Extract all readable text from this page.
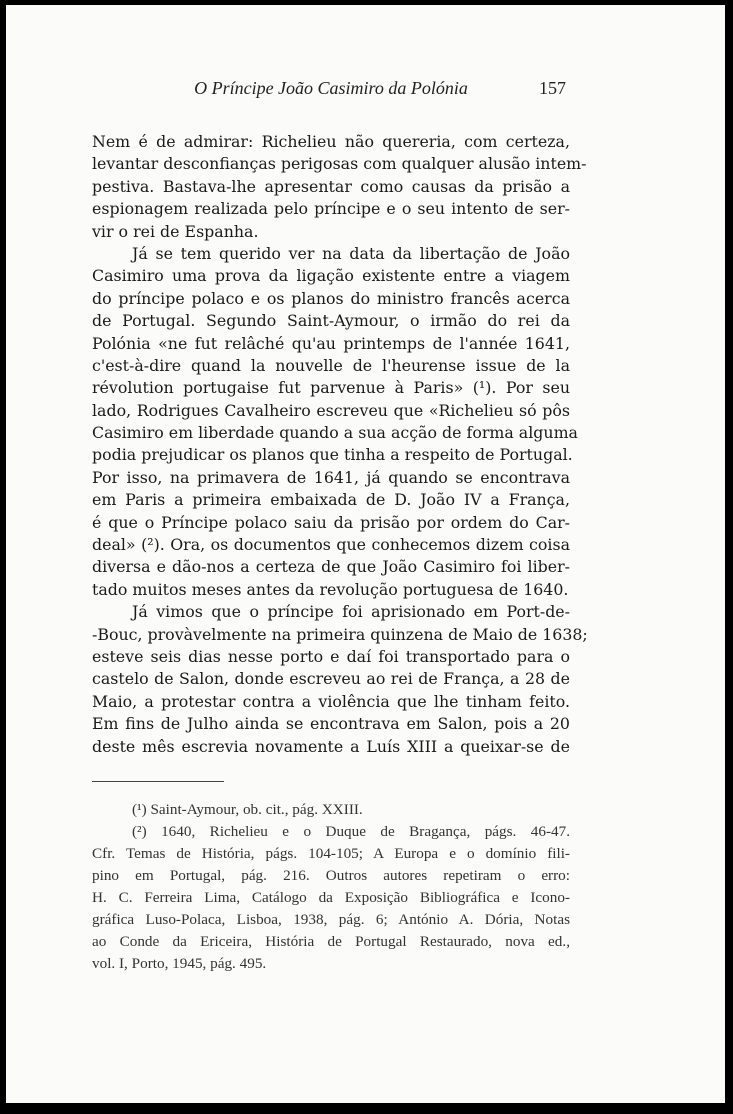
O Príncipe João Casimiro da Polónia	157
Nem é de admirar: Richelieu não quereria, com certeza,
levantar desconfianças perigosas com qualquer alusão intem-
pestiva. Bastava-lhe apresentar como causas da prisão a
espionagem realizada pelo príncipe e o seu intento de ser-
vir o rei de Espanha.
Já se tem querido ver na data da libertação de João
Casimiro uma prova da ligação existente entre a viagem
do príncipe polaco e os planos do ministro francês acerca
de Portugal. Segundo Saint-Aymour, o irmão do rei da
Polónia «ne fut relâché qu'au printemps de l'année 1641,
c'est-à-dire quand la nouvelle de l'heurense issue de la
révolution portugaise fut parvenue à Paris» (¹). Por seu
lado, Rodrigues Cavalheiro escreveu que «Richelieu só pôs
Casimiro em liberdade quando a sua acção de forma alguma
podia prejudicar os planos que tinha a respeito de Portugal.
Por isso, na primavera de 1641, já quando se encontrava
em Paris a primeira embaixada de D. João IV a França,
é que o Príncipe polaco saiu da prisão por ordem do Car-
deal» (²). Ora, os documentos que conhecemos dizem coisa
diversa e dão-nos a certeza de que João Casimiro foi liber-
tado muitos meses antes da revolução portuguesa de 1640.
Já vimos que o príncipe foi aprisionado em Port-de-
-Bouc, provàvelmente na primeira quinzena de Maio de 1638;
esteve seis dias nesse porto e daí foi transportado para o
castelo de Salon, donde escreveu ao rei de França, a 28 de
Maio, a protestar contra a violência que lhe tinham feito.
Em fins de Julho ainda se encontrava em Salon, pois a 20
deste mês escrevia novamente a Luís XIII a queixar-se de
(¹) Saint-Aymour, ob. cit., pág. XXIII.
(²) 1640, Richelieu e o Duque de Bragança, págs. 46-47.
Cfr. Temas de História, págs. 104-105; A Europa e o domínio fili-
pino em Portugal, pág. 216. Outros autores repetiram o erro:
H. C. Ferreira Lima, Catálogo da Exposição Bibliográfica e Icono-
gráfica Luso-Polaca, Lisboa, 1938, pág. 6; António A. Dória, Notas
ao Conde da Ericeira, História de Portugal Restaurado, nova ed.,
vol. I, Porto, 1945, pág. 495.
